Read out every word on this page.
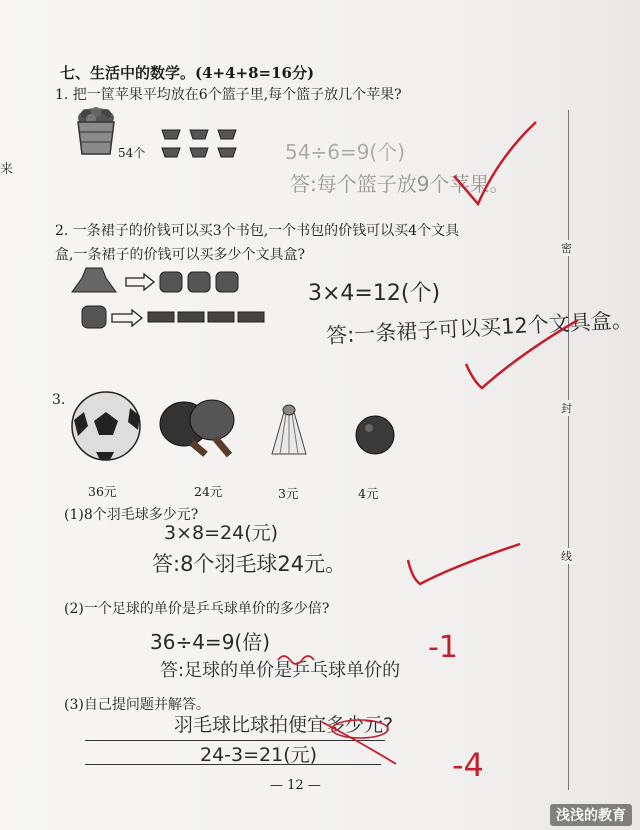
来
密
封
线
七、生活中的数学。(4+4+8=16分)
1. 把一筐苹果平均放在6个篮子里,每个篮子放几个苹果?
54个	54÷6=9(个)
答:每个篮子放9个苹果。
2. 一条裙子的价钱可以买3个书包,一个书包的价钱可以买4个文具
盒,一条裙子的价钱可以买多少个文具盒?
3×4=12(个)
答:一条裙子可以买12个文具盒。
3.
36元	24元	3元	4元
(1)8个羽毛球多少元?
3×8=24(元)
答:8个羽毛球24元。
(2)一个足球的单价是乒乓球单价的多少倍?
36÷4=9(倍)
答:足球的单价是乒乓球单价的
-1
(3)自己提问题并解答。
羽毛球比球拍便宜多少元?
24-3=21(元)	-4
— 12 —
浅浅的教育
